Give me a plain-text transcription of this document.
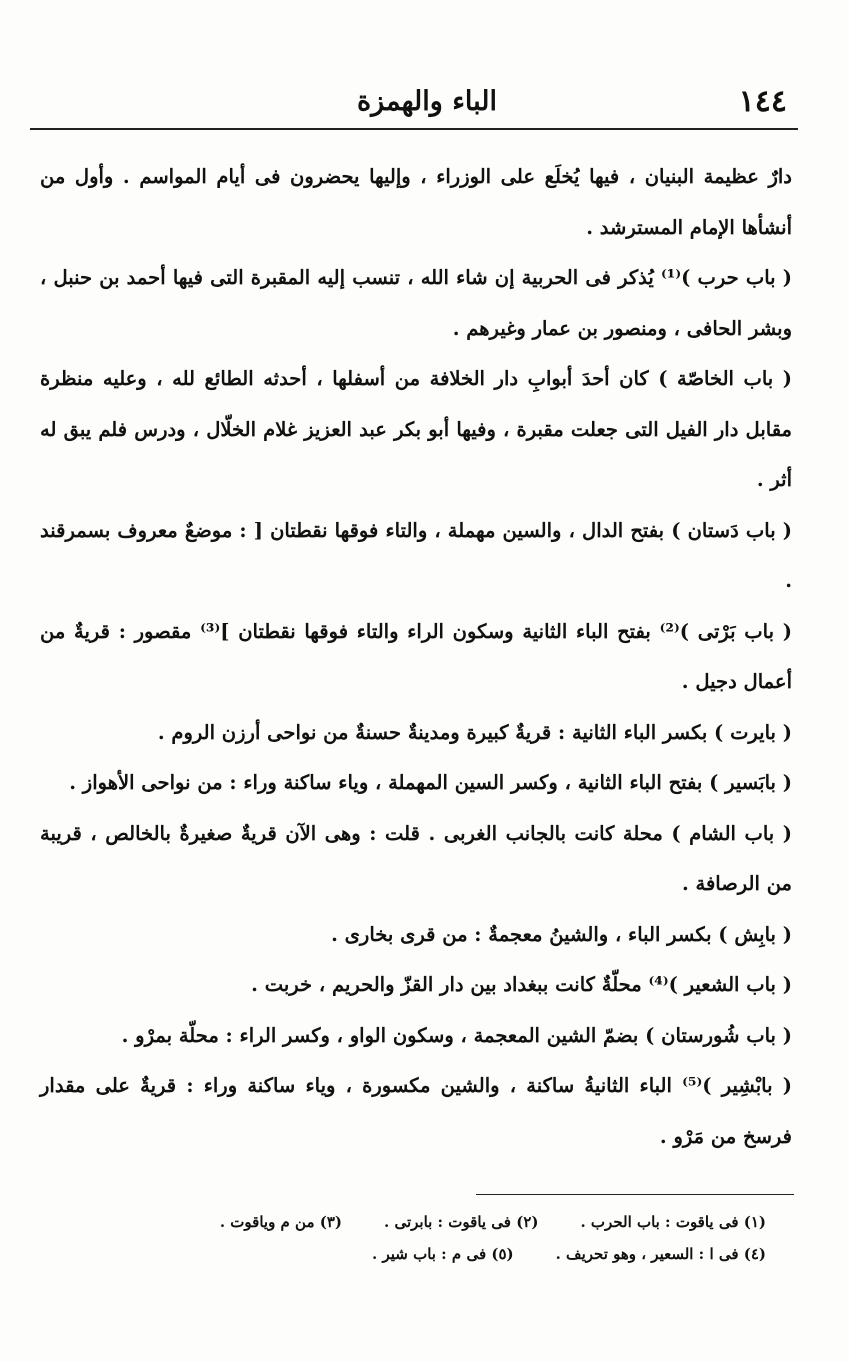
١٤٤
الباء والهمزة

دارٌ عظيمة البنيان ، فيها يُخلَع على الوزراء ، وإليها يحضرون فى أيام المواسم . وأول من أنشأها الإمام المسترشد .

( باب حرب )⁽¹⁾ يُذكر فى الحربية إن شاء الله ، تنسب إليه المقبرة التى فيها أحمد بن حنبل ، وبشر الحافى ، ومنصور بن عمار وغيرهم .

( باب الخاصّة ) كان أحدَ أبوابِ دار الخلافة من أسفلها ، أحدثه الطائع لله ، وعليه منظرة مقابل دار الفيل التى جعلت مقبرة ، وفيها أبو بكر عبد العزيز غلام الخلّال ، ودرس فلم يبق له أثر .

( باب دَستان ) بفتح الدال ، والسين مهملة ، والتاء فوقها نقطتان [ : موضعٌ معروف بسمرقند .

( باب بَرْتى )⁽²⁾ بفتح الباء الثانية وسكون الراء والتاء فوقها نقطتان ]⁽³⁾ مقصور : قريةٌ من أعمال دجيل .

( بايرت ) بكسر الباء الثانية : قريةٌ كبيرة ومدينةٌ حسنةٌ من نواحى أرزن الروم .

( بابَسير ) بفتح الباء الثانية ، وكسر السين المهملة ، وياء ساكنة وراء : من نواحى الأهواز .

( باب الشام ) محلة كانت بالجانب الغربى . قلت : وهى الآن قريةٌ صغيرةٌ بالخالص ، قريبة من الرصافة .

( بابِش ) بكسر الباء ، والشينُ معجمةٌ : من قرى بخارى .

( باب الشعير )⁽⁴⁾ محلّةٌ كانت ببغداد بين دار القزّ والحريم ، خربت .

( باب شُورستان ) بضمّ الشين المعجمة ، وسكون الواو ، وكسر الراء : محلّة بمرْو .

( بابْشِير )⁽⁵⁾ الباء الثانيةُ ساكنة ، والشين مكسورة ، وياء ساكنة وراء : قريةٌ على مقدار فرسخ من مَرْو .

(١) فى ياقوت : باب الحرب .
(٢) فى ياقوت : بابرتى .
(٣) من م وياقوت .
(٤) فى ا : السعير ، وهو تحريف .
(٥) فى م : باب شير .
